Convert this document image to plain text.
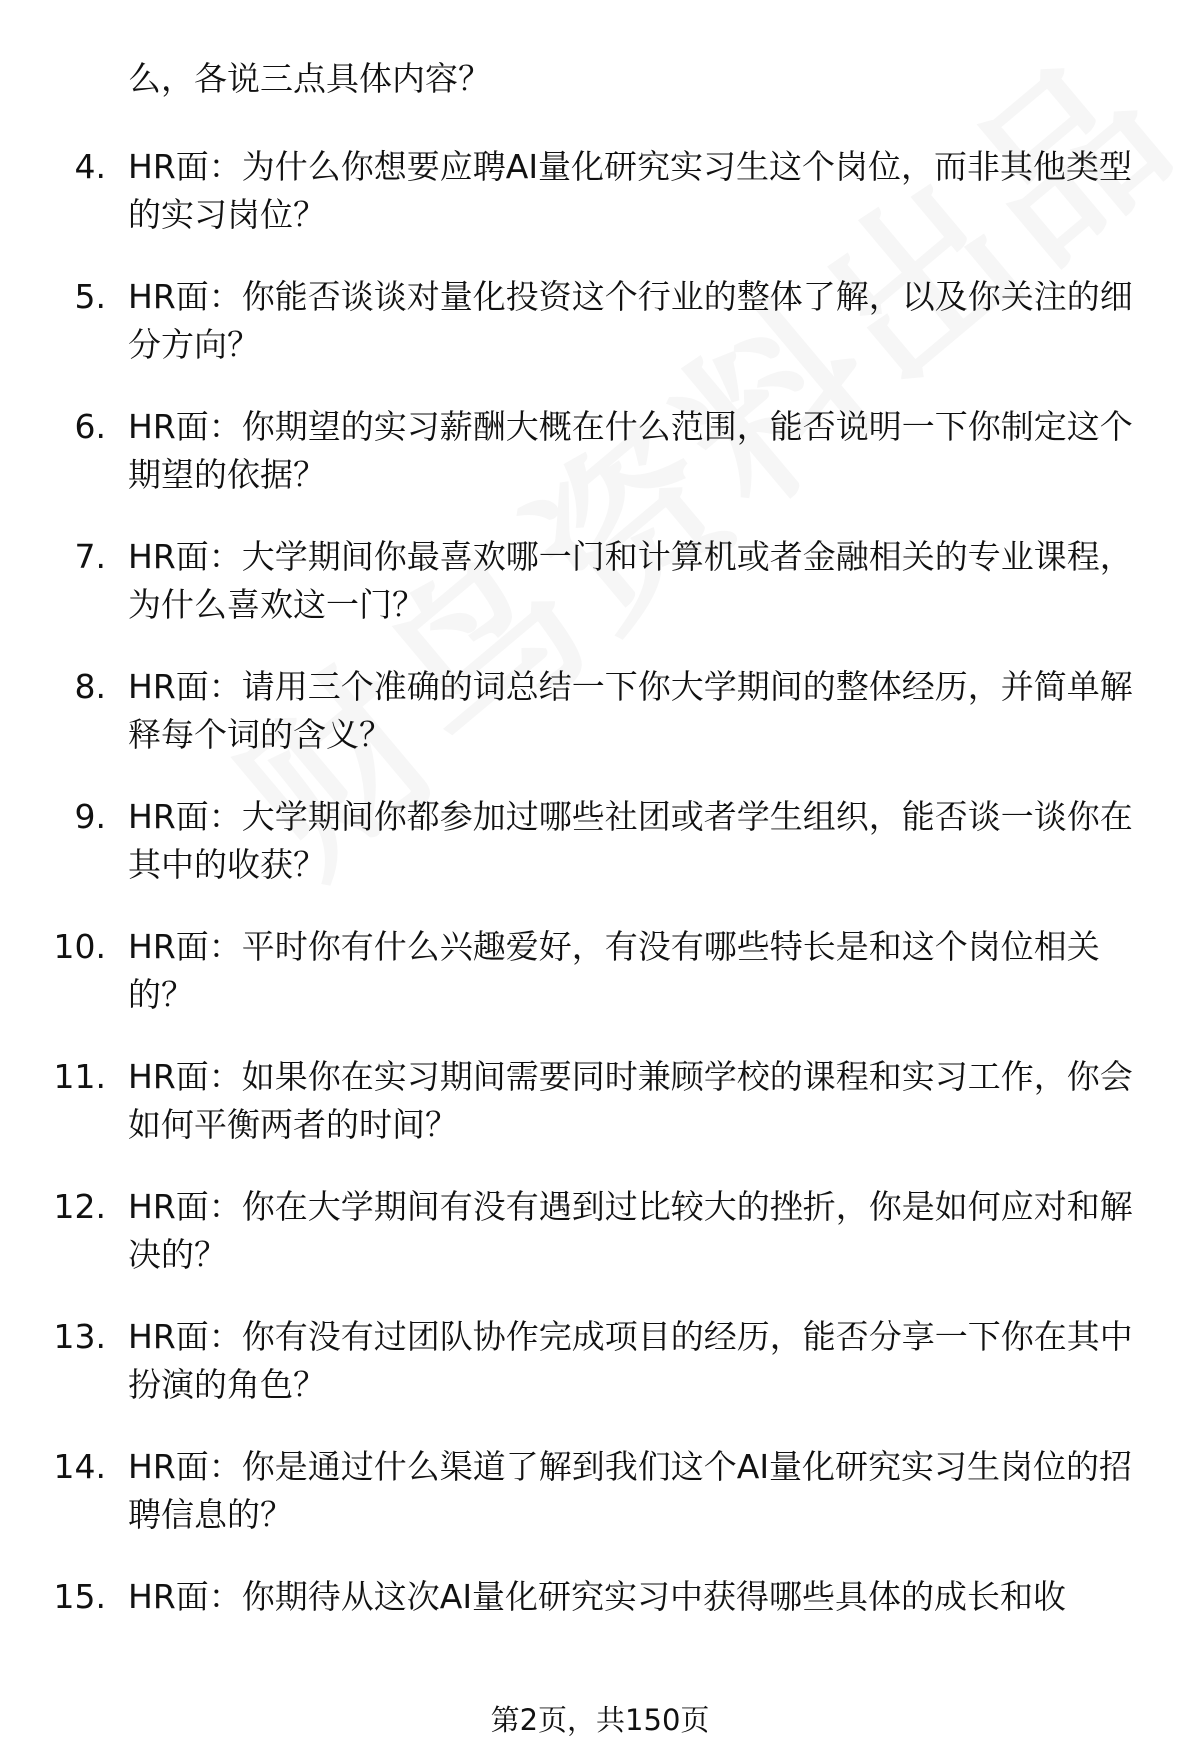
么，各说三点具体内容？
4. HR面：为什么你想要应聘AI量化研究实习生这个岗位，而非其他类型的实习岗位？
5. HR面：你能否谈谈对量化投资这个行业的整体了解，以及你关注的细分方向？
6. HR面：你期望的实习薪酬大概在什么范围，能否说明一下你制定这个期望的依据？
7. HR面：大学期间你最喜欢哪一门和计算机或者金融相关的专业课程，为什么喜欢这一门？
8. HR面：请用三个准确的词总结一下你大学期间的整体经历，并简单解释每个词的含义？
9. HR面：大学期间你都参加过哪些社团或者学生组织，能否谈一谈你在其中的收获？
10. HR面：平时你有什么兴趣爱好，有没有哪些特长是和这个岗位相关的？
11. HR面：如果你在实习期间需要同时兼顾学校的课程和实习工作，你会如何平衡两者的时间？
12. HR面：你在大学期间有没有遇到过比较大的挫折，你是如何应对和解决的？
13. HR面：你有没有过团队协作完成项目的经历，能否分享一下你在其中扮演的角色？
14. HR面：你是通过什么渠道了解到我们这个AI量化研究实习生岗位的招聘信息的？
15. HR面：你期待从这次AI量化研究实习中获得哪些具体的成长和收
第2页，共150页
